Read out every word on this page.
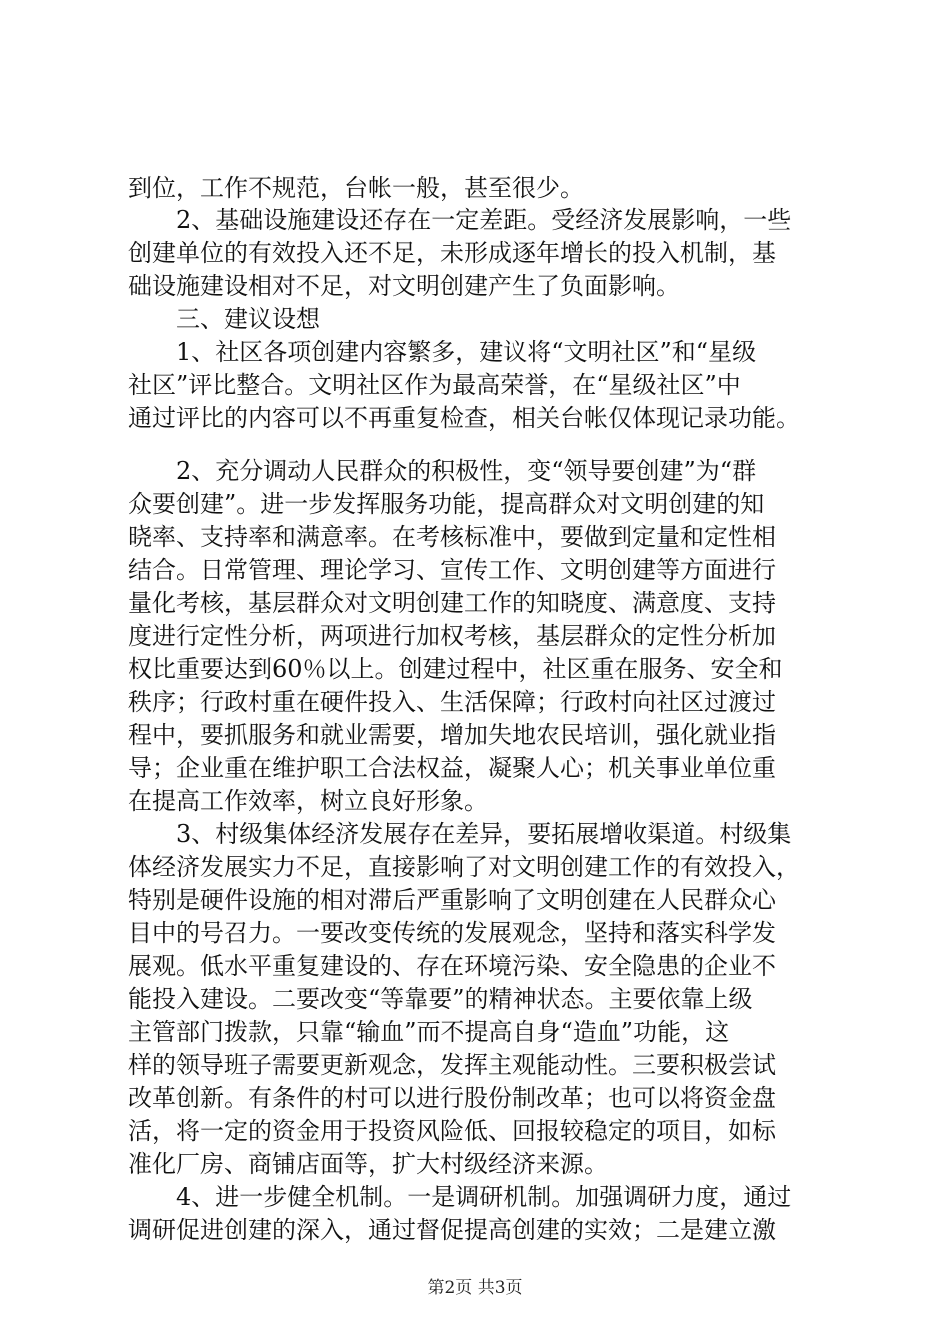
到位，工作不规范，台帐一般，甚至很少。
　　2、基础设施建设还存在一定差距。受经济发展影响，一些
创建单位的有效投入还不足，未形成逐年增长的投入机制，基
础设施建设相对不足，对文明创建产生了负面影响。
　　三、建议设想
　　1、社区各项创建内容繁多，建议将“文明社区”和“星级
社区”评比整合。文明社区作为最高荣誉，在“星级社区”中
通过评比的内容可以不再重复检查，相关台帐仅体现记录功能。
　　2、充分调动人民群众的积极性，变“领导要创建”为“群
众要创建”。进一步发挥服务功能，提高群众对文明创建的知
晓率、支持率和满意率。在考核标准中，要做到定量和定性相
结合。日常管理、理论学习、宣传工作、文明创建等方面进行
量化考核，基层群众对文明创建工作的知晓度、满意度、支持
度进行定性分析，两项进行加权考核，基层群众的定性分析加
权比重要达到60％以上。创建过程中，社区重在服务、安全和
秩序；行政村重在硬件投入、生活保障；行政村向社区过渡过
程中，要抓服务和就业需要，增加失地农民培训，强化就业指
导；企业重在维护职工合法权益，凝聚人心；机关事业单位重
在提高工作效率，树立良好形象。
　　3、村级集体经济发展存在差异，要拓展增收渠道。村级集
体经济发展实力不足，直接影响了对文明创建工作的有效投入，
特别是硬件设施的相对滞后严重影响了文明创建在人民群众心
目中的号召力。一要改变传统的发展观念，坚持和落实科学发
展观。低水平重复建设的、存在环境污染、安全隐患的企业不
能投入建设。二要改变“等靠要”的精神状态。主要依靠上级
主管部门拨款，只靠“输血”而不提高自身“造血”功能，这
样的领导班子需要更新观念，发挥主观能动性。三要积极尝试
改革创新。有条件的村可以进行股份制改革；也可以将资金盘
活，将一定的资金用于投资风险低、回报较稳定的项目，如标
准化厂房、商铺店面等，扩大村级经济来源。
　　4、进一步健全机制。一是调研机制。加强调研力度，通过
调研促进创建的深入，通过督促提高创建的实效；二是建立激
第2页 共3页
